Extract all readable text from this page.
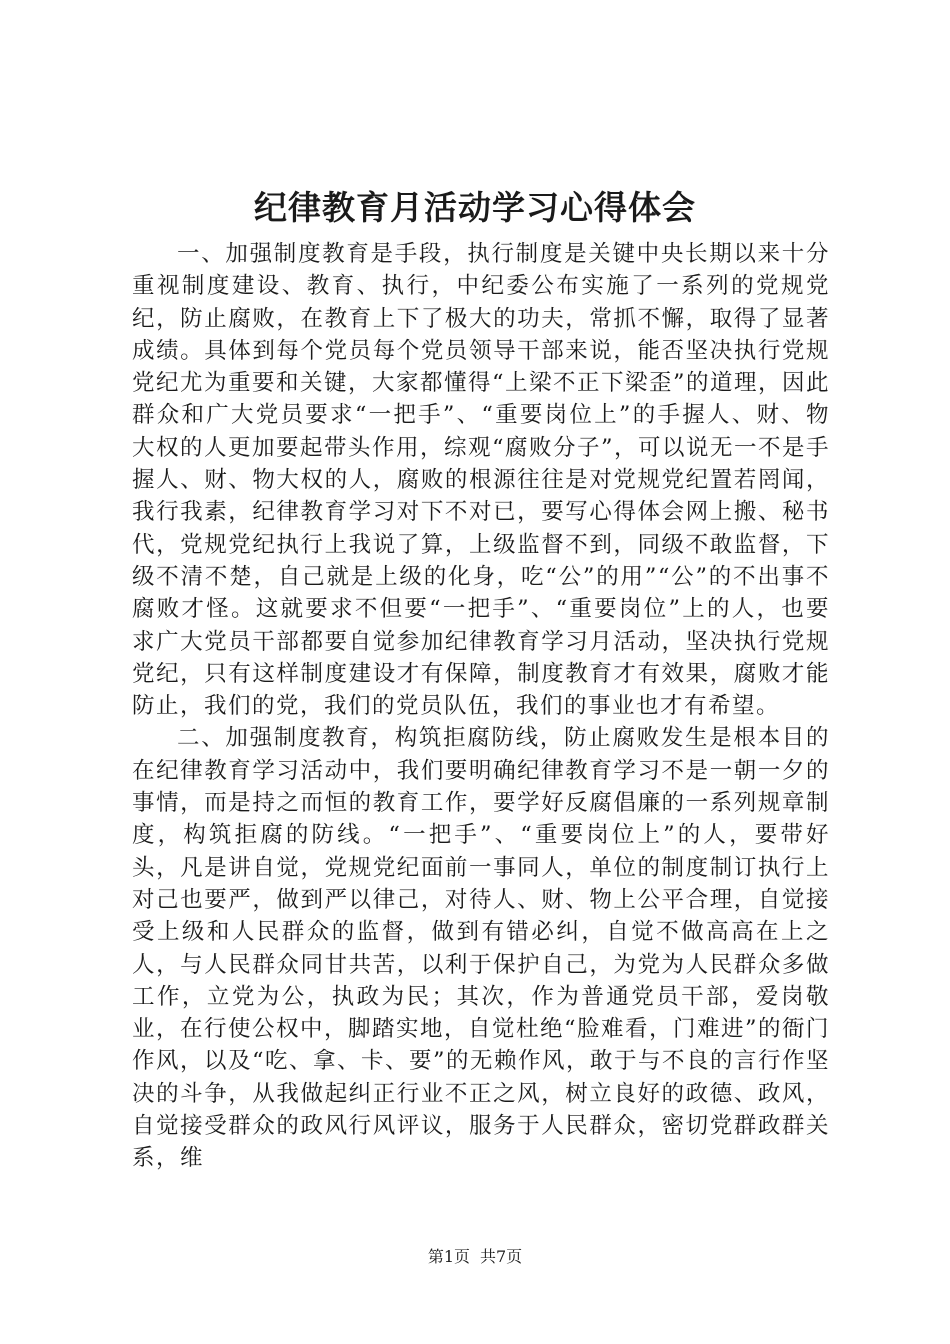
纪律教育月活动学习心得体会

一、加强制度教育是手段，执行制度是关键中央长期以来十分重视制度建设、教育、执行，中纪委公布实施了一系列的党规党纪，防止腐败，在教育上下了极大的功夫，常抓不懈，取得了显著成绩。具体到每个党员每个党员领导干部来说，能否坚决执行党规党纪尤为重要和关键，大家都懂得“上梁不正下梁歪”的道理，因此群众和广大党员要求“一把手”、“重要岗位上”的手握人、财、物大权的人更加要起带头作用，综观“腐败分子”，可以说无一不是手握人、财、物大权的人，腐败的根源往往是对党规党纪置若罔闻，我行我素，纪律教育学习对下不对已，要写心得体会网上搬、秘书代，党规党纪执行上我说了算，上级监督不到，同级不敢监督，下级不清不楚，自己就是上级的化身，吃“公”的用”“公”的不出事不腐败才怪。这就要求不但要“一把手”、“重要岗位”上的人，也要求广大党员干部都要自觉参加纪律教育学习月活动，坚决执行党规党纪，只有这样制度建设才有保障，制度教育才有效果，腐败才能防止，我们的党，我们的党员队伍，我们的事业也才有希望。

二、加强制度教育，构筑拒腐防线，防止腐败发生是根本目的在纪律教育学习活动中，我们要明确纪律教育学习不是一朝一夕的事情，而是持之而恒的教育工作，要学好反腐倡廉的一系列规章制度，构筑拒腐的防线。“一把手”、“重要岗位上”的人，要带好头，凡是讲自觉，党规党纪面前一事同人，单位的制度制订执行上对己也要严，做到严以律己，对待人、财、物上公平合理，自觉接受上级和人民群众的监督，做到有错必纠，自觉不做高高在上之人，与人民群众同甘共苦，以利于保护自己，为党为人民群众多做工作，立党为公，执政为民；其次，作为普通党员干部，爱岗敬业，在行使公权中，脚踏实地，自觉杜绝“脸难看，门难进”的衙门作风，以及“吃、拿、卡、要”的无赖作风，敢于与不良的言行作坚决的斗争，从我做起纠正行业不正之风，树立良好的政德、政风，自觉接受群众的政风行风评议，服务于人民群众，密切党群政群关系，维

第1页 共7页
